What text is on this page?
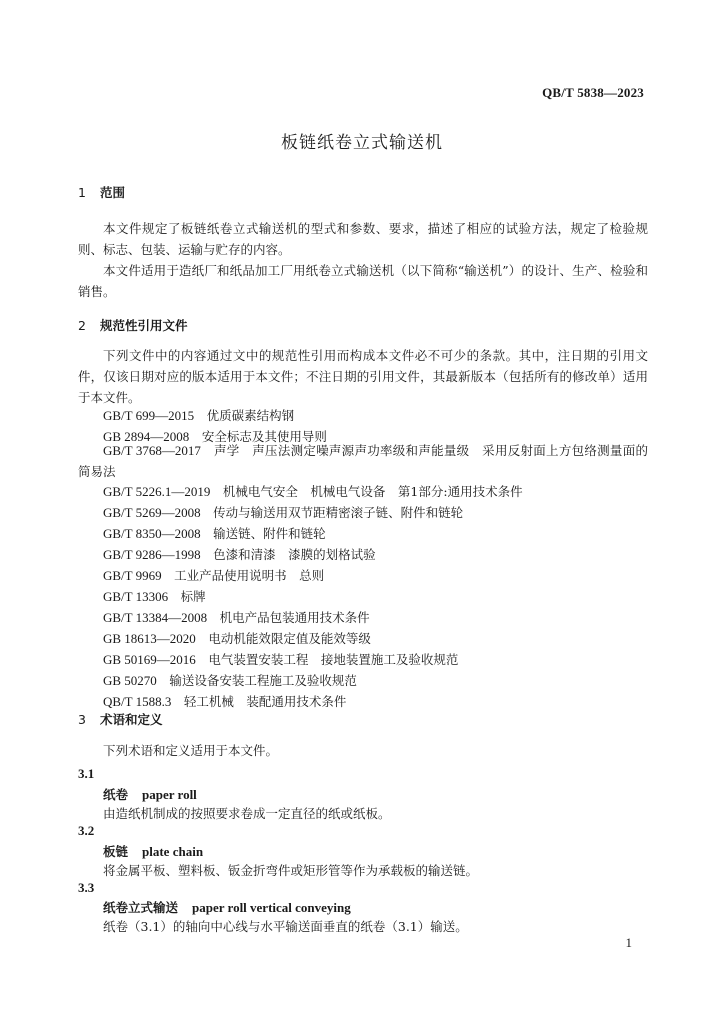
QB/T 5838—2023
板链纸卷立式输送机
1 范围
本文件规定了板链纸卷立式输送机的型式和参数、要求，描述了相应的试验方法，规定了检验规则、标志、包装、运输与贮存的内容。
本文件适用于造纸厂和纸品加工厂用纸卷立式输送机（以下简称“输送机”）的设计、生产、检验和销售。
2 规范性引用文件
下列文件中的内容通过文中的规范性引用而构成本文件必不可少的条款。其中，注日期的引用文件，仅该日期对应的版本适用于本文件；不注日期的引用文件，其最新版本（包括所有的修改单）适用于本文件。
GB/T 699—2015　 优质碳素结构钢
GB 2894—2008　 安全标志及其使用导则
GB/T 3768—2017　 声学　声压法测定噪声源声功率级和声能量级　采用反射面上方包络测量面的简易法
GB/T 5226.1—2019　 机械电气安全　机械电气设备　第1部分:通用技术条件
GB/T 5269—2008　 传动与输送用双节距精密滚子链、附件和链轮
GB/T 8350—2008　 输送链、附件和链轮
GB/T 9286—1998　 色漆和清漆　漆膜的划格试验
GB/T 9969　 工业产品使用说明书　总则
GB/T 13306　 标牌
GB/T 13384—2008　 机电产品包装通用技术条件
GB 18613—2020　 电动机能效限定值及能效等级
GB 50169—2016　 电气装置安装工程　接地装置施工及验收规范
GB 50270　 输送设备安装工程施工及验收规范
QB/T 1588.3　 轻工机械　装配通用技术条件
3 术语和定义
下列术语和定义适用于本文件。
3.1
纸卷 paper roll
由造纸机制成的按照要求卷成一定直径的纸或纸板。
3.2
板链 plate chain
将金属平板、塑料板、钣金折弯件或矩形管等作为承载板的输送链。
3.3
纸卷立式输送 paper roll vertical conveying
纸卷（3.1）的轴向中心线与水平输送面垂直的纸卷（3.1）输送。
1
